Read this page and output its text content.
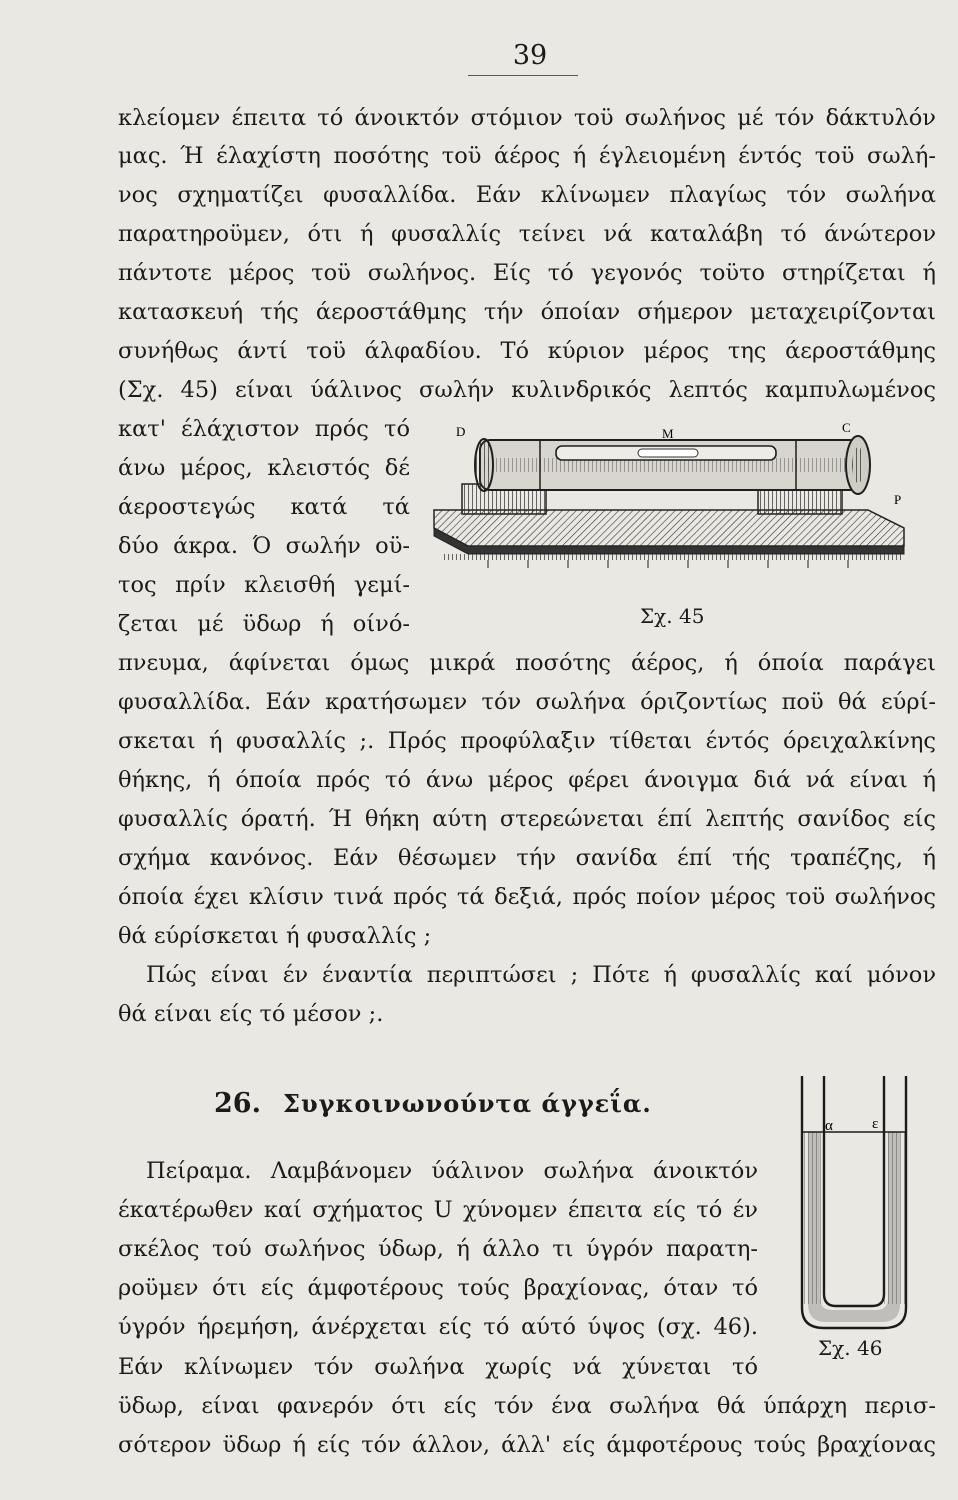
39
κλείομεν έπειτα τό άνοικτόν στόμιον τοϋ σωλήνος μέ τόν δάκτυλόν
μας. Ή έλαχίστη ποσότης τοϋ άέρος ή έγλειομένη έντός τοϋ σωλή-
νος σχηματίζει φυσαλλίδα. Εάν κλίνωμεν πλαγίως τόν σωλήνα
παρατηροϋμεν, ότι ή φυσαλλίς τείνει νά καταλάβη τό άνώτερον
πάντοτε μέρος τοϋ σωλήνος. Είς τό γεγονός τοϋτο στηρίζεται ή
κατασκευή τής άεροστάθμης τήν όποίαν σήμερον μεταχειρίζονται
συνήθως άντί τοϋ άλφαδίου. Τό κύριον μέρος της άεροστάθμης
(Σχ. 45) είναι ύάλινος σωλήν κυλινδρικός λεπτός καμπυλωμένος
κατ' έλάχιστον πρός τό
άνω μέρος, κλειστός δέ
άεροστεγώς κατά τά
δύο άκρα. Ό σωλήν οϋ-
τος πρίν κλεισθή γεμί-
ζεται μέ ϋδωρ ή οίνό-
D	M	C
P
Σχ. 45
πνευμα, άφίνεται όμως μικρά ποσότης άέρος, ή όποία παράγει
φυσαλλίδα. Εάν κρατήσωμεν τόν σωλήνα όριζοντίως ποϋ θά εύρί-
σκεται ή φυσαλλίς ;. Πρός προφύλαξιν τίθεται έντός όρειχαλκίνης
θήκης, ή όποία πρός τό άνω μέρος φέρει άνοιγμα διά νά είναι ή
φυσαλλίς όρατή. Ή θήκη αύτη στερεώνεται έπί λεπτής σανίδος είς
σχήμα κανόνος. Εάν θέσωμεν τήν σανίδα έπί τής τραπέζης, ή
όποία έχει κλίσιν τινά πρός τά δεξιά, πρός ποίον μέρος τοϋ σωλήνος
θά εύρίσκεται ή φυσαλλίς ;
Πώς είναι έν έναντία περιπτώσει ; Πότε ή φυσαλλίς καί μόνον
θά είναι είς τό μέσον ;.
26. Συγκοινωνούντα άγγεΐα.
Πείραμα. Λαμβάνομεν ύάλινον σωλήνα άνοικτόν
έκατέρωθεν καί σχήματος U χύνομεν έπειτα είς τό έν
σκέλος τού σωλήνος ύδωρ, ή άλλο τι ύγρόν παρατη-
ροϋμεν ότι είς άμφοτέρους τούς βραχίονας, όταν τό
ύγρόν ήρεμήση, άνέρχεται είς τό αύτό ύψος (σχ. 46).
α	ε
Σχ. 46
Εάν κλίνωμεν τόν σωλήνα χωρίς νά χύνεται τό
ϋδωρ, είναι φανερόν ότι είς τόν ένα σωλήνα θά ύπάρχη περισ-
σότερον ϋδωρ ή είς τόν άλλον, άλλ' είς άμφοτέρους τούς βραχίονας
